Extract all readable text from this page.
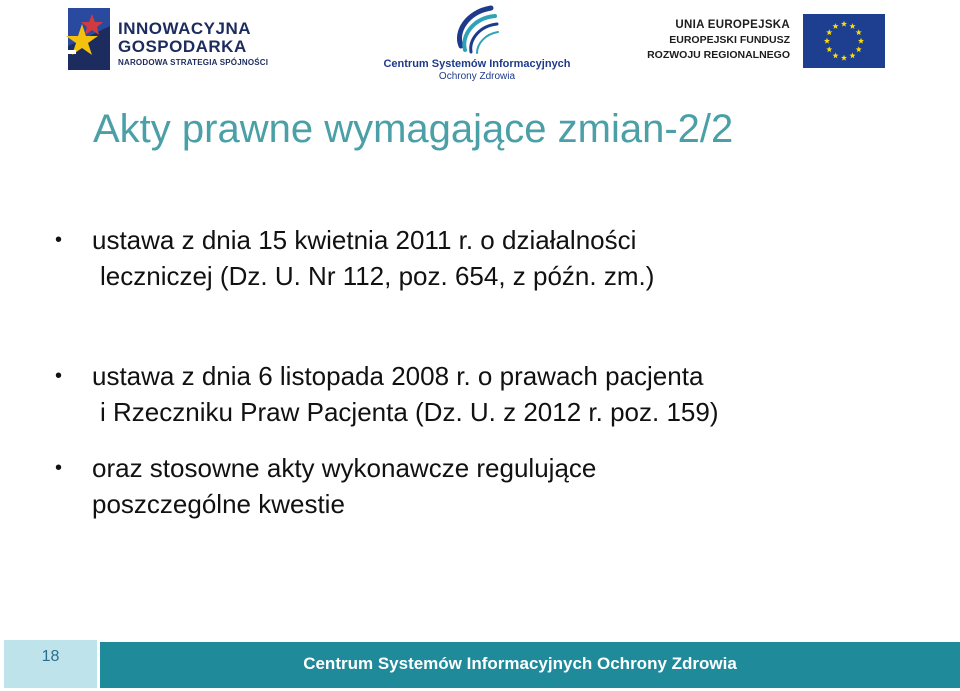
INNOWACYJNA
GOSPODARKA
NARODOWA STRATEGIA SPÓJNOŚCI	Centrum Systemów Informacyjnych
Ochrony Zdrowia
UNIA EUROPEJSKA
EUROPEJSKI FUNDUSZ
ROZWOJU REGIONALNEGO
Akty prawne wymagające zmian-2/2
•	ustawa z dnia 15 kwietnia 2011 r. o działalności
leczniczej (Dz. U. Nr 112, poz. 654, z późn. zm.)
•	ustawa z dnia 6 listopada 2008 r. o prawach pacjenta
i Rzeczniku Praw Pacjenta (Dz. U. z 2012 r. poz. 159)
•	oraz stosowne akty wykonawcze regulujące
poszczególne kwestie
18	Centrum Systemów Informacyjnych Ochrony Zdrowia
